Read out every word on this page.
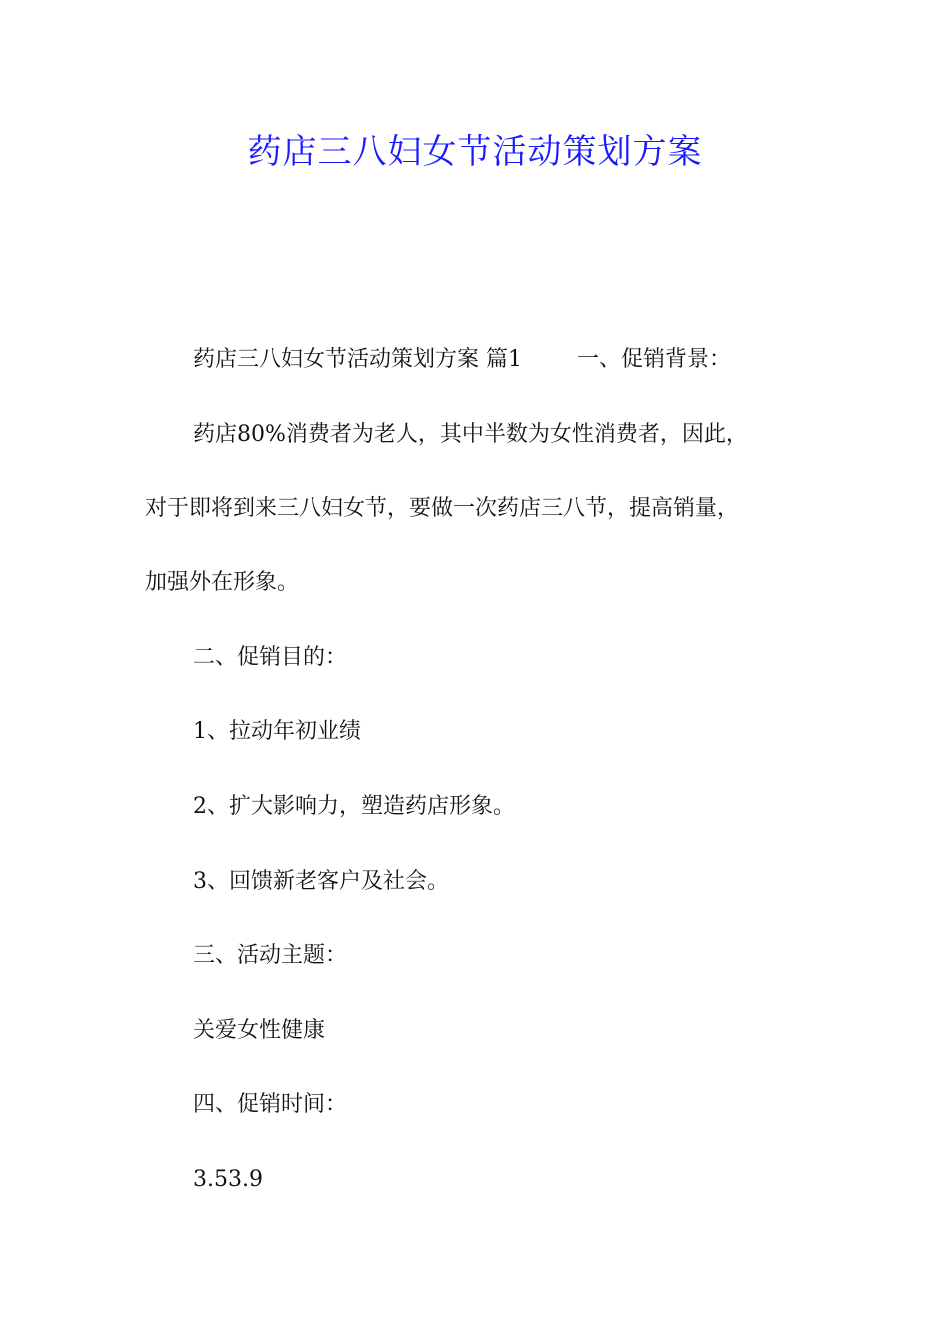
药店三八妇女节活动策划方案
药店三八妇女节活动策划方案 篇1	一、促销背景：
药店80%消费者为老人，其中半数为女性消费者，因此，
对于即将到来三八妇女节，要做一次药店三八节，提高销量，
加强外在形象。
二、促销目的：
1、拉动年初业绩
2、扩大影响力，塑造药店形象。
3、回馈新老客户及社会。
三、活动主题：
关爱女性健康
四、促销时间：
3.53.9
